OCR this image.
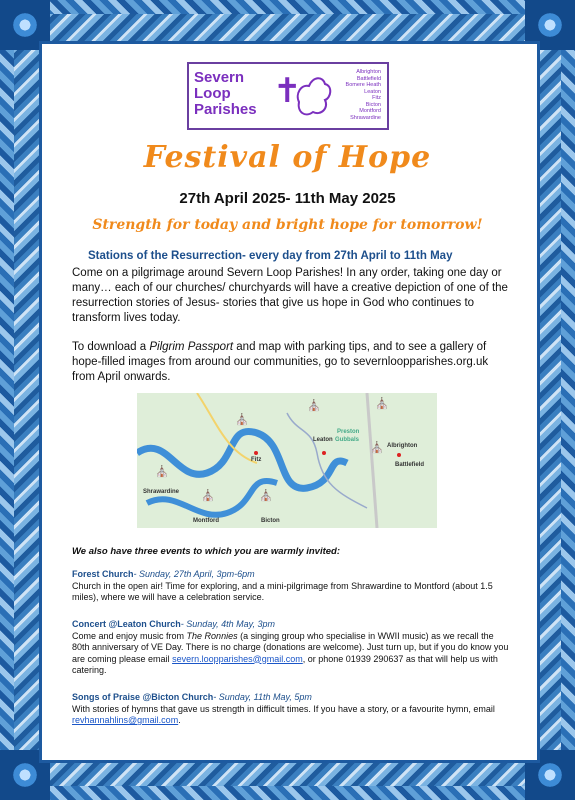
Severn
Loop
Parishes ✝	Albrighton
Battlefield
Bomere Heath
Leaton
Fitz
Bicton
Montford
Shrawardine
Festival of Hope
27th April 2025- 11th May 2025
Strength for today and bright hope for tomorrow!
Stations of the Resurrection- every day from 27th April to 11th May
Come on a pilgrimage around Severn Loop Parishes! In any order, taking one day or many… each of our churches/ churchyards will have a creative depiction of one of the resurrection stories of Jesus- stories that give us hope in God who continues to transform lives today.
To download a Pilgrim Passport and map with parking tips, and to see a gallery of hope-filled images from around our communities, go to severnloopparishes.org.uk from April onwards.
⛪
⛪	⛪
⛪
⛪
⛪	⛪
Fitz
Leaton
Preston
Gubbals
Albrighton
Battlefield
Shrawardine
Montford	Bicton
We also have three events to which you are warmly invited:
Forest Church- Sunday, 27th April, 3pm-6pm
Church in the open air! Time for exploring, and a mini-pilgrimage from Shrawardine to Montford (about 1.5 miles), where we will have a celebration service.
Concert @Leaton Church- Sunday, 4th May, 3pm
Come and enjoy music from The Ronnies (a singing group who specialise in WWII music) as we recall the 80th anniversary of VE Day. There is no charge (donations are welcome). Just turn up, but if you do know you are coming please email severn.loopparishes@gmail.com, or phone 01939 290637 as that will help us with catering.
Songs of Praise @Bicton Church- Sunday, 11th May, 5pm
With stories of hymns that gave us strength in difficult times. If you have a story, or a favourite hymn, email revhannahlins@gmail.com.
